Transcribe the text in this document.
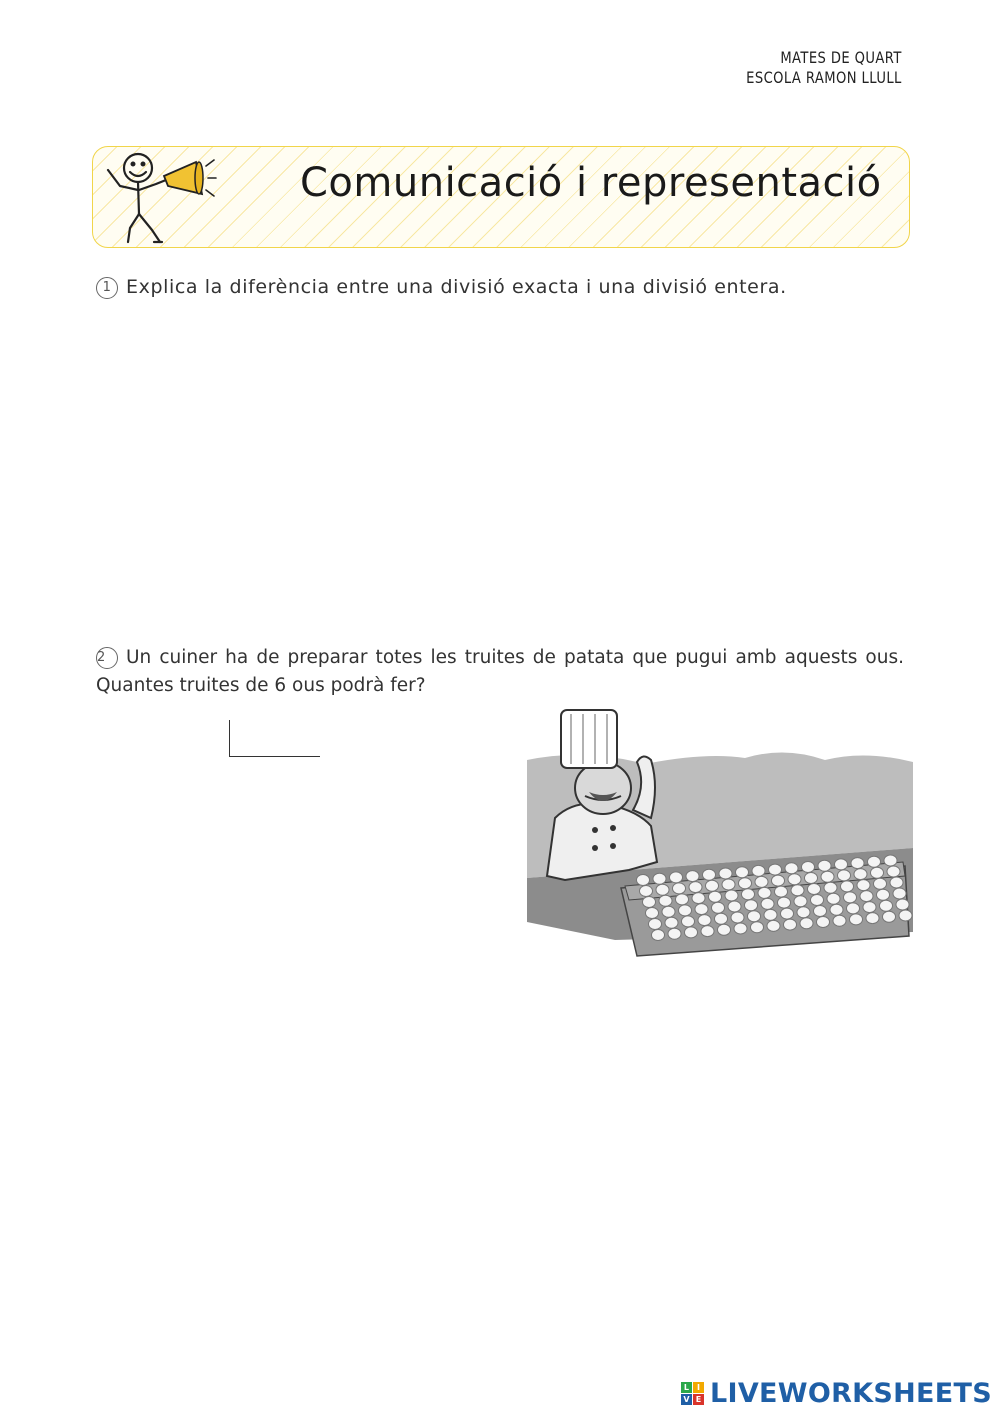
MATES DE QUART
ESCOLA RAMON LLULL
Comunicació i representació
1 Explica la diferència entre una divisió exacta i una divisió entera.
2 Un cuiner ha de preparar totes les truites de patata que pugui amb aquests ous. Quantes truites de 6 ous podrà fer?
L I
V E LIVEWORKSHEETS
